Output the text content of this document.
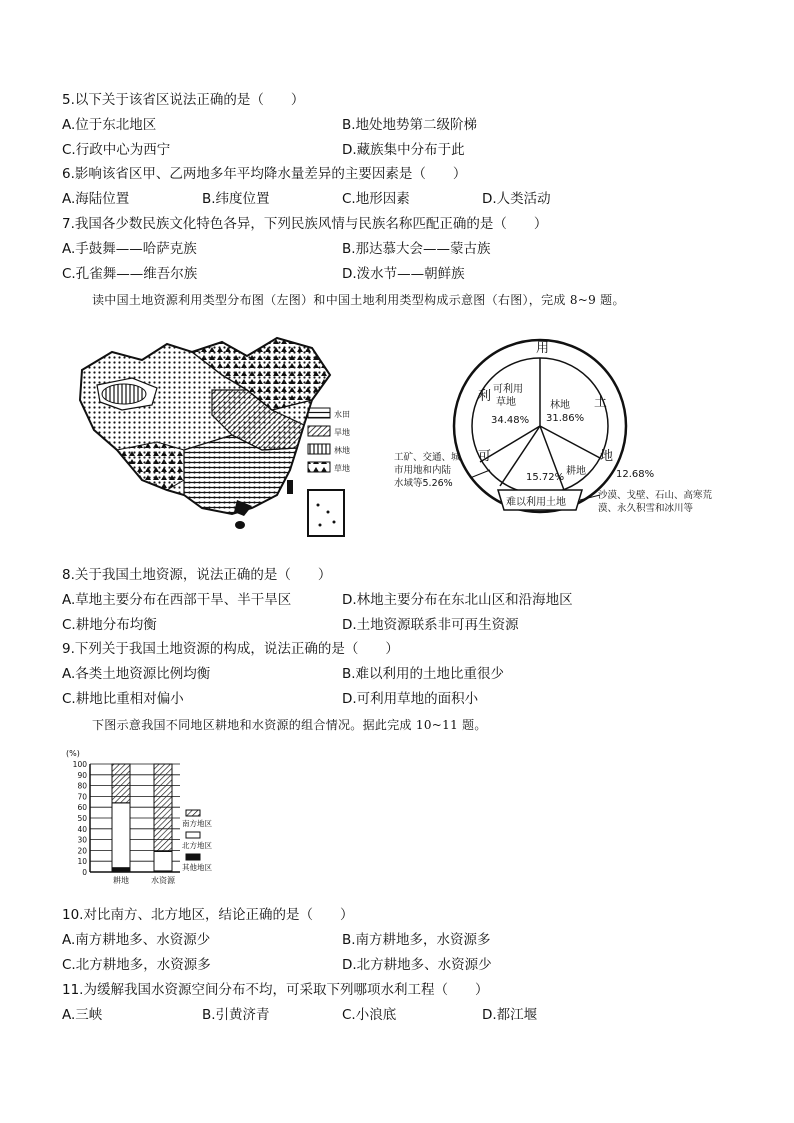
5.以下关于该省区说法正确的是（　　）
A.位于东北地区	B.地处地势第二级阶梯
C.行政中心为西宁	D.藏族集中分布于此
6.影响该省区甲、乙两地多年平均降水量差异的主要因素是（　　）
A.海陆位置	B.纬度位置	C.地形因素	D.人类活动
7.我国各少数民族文化特色各异，下列民族风情与民族名称匹配正确的是（　　）
A.手鼓舞——哈萨克族	B.那达慕大会——蒙古族
C.孔雀舞——维吾尔族	D.泼水节——朝鲜族
读中国土地资源利用类型分布图（左图）和中国土地利用类型构成示意图（右图），完成 8~9 题。
水田
旱地
林地
草地
用
土
地
利
可
可利用
草地
34.48%
林地
31.86%
耕地	12.68%
15.72%
难以利用土地
工矿、交通、城
市用地和内陆
水域等5.26%
沙漠、戈壁、石山、高寒荒
漠、永久积雪和冰川等
8.关于我国土地资源，说法正确的是（　　）
A.草地主要分布在西部干旱、半干旱区	D.林地主要分布在东北山区和沿海地区
C.耕地分布均衡	D.土地资源联系非可再生资源
9.下列关于我国土地资源的构成，说法正确的是（　　）
A.各类土地资源比例均衡	B.难以利用的土地比重很少
C.耕地比重相对偏小	D.可利用草地的面积小
下图示意我国不同地区耕地和水资源的组合情况。据此完成 10~11 题。
(%)
0
10
20
30
40
50
60
70
80
90
100
耕地	水资源
南方地区
北方地区
其他地区
10.对比南方、北方地区，结论正确的是（　　）
A.南方耕地多、水资源少	B.南方耕地多，水资源多
C.北方耕地多，水资源多	D.北方耕地多、水资源少
11.为缓解我国水资源空间分布不均，可采取下列哪项水利工程（　　）
A.三峡	B.引黄济青	C.小浪底	D.都江堰
